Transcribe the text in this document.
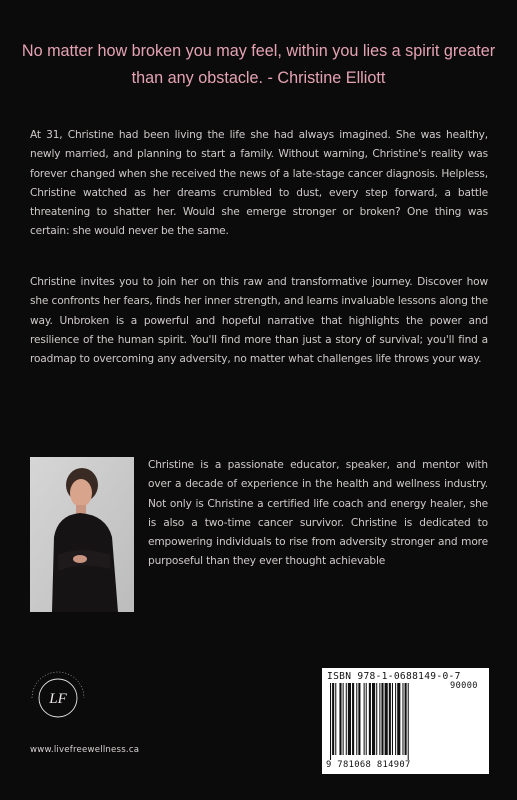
No matter how broken you may feel, within you lies a spirit greater than any obstacle. - Christine Elliott
At 31, Christine had been living the life she had always imagined. She was healthy, newly married, and planning to start a family. Without warning, Christine's reality was forever changed when she received the news of a late-stage cancer diagnosis. Helpless, Christine watched as her dreams crumbled to dust, every step forward, a battle threatening to shatter her. Would she emerge stronger or broken? One thing was certain: she would never be the same.
Christine invites you to join her on this raw and transformative journey. Discover how she confronts her fears, finds her inner strength, and learns invaluable lessons along the way. Unbroken is a powerful and hopeful narrative that highlights the power and resilience of the human spirit. You'll find more than just a story of survival; you'll find a roadmap to overcoming any adversity, no matter what challenges life throws your way.
Christine is a passionate educator, speaker, and mentor with over a decade of experience in the health and wellness industry. Not only is Christine a certified life coach and energy healer, she is also a two-time cancer survivor. Christine is dedicated to empowering individuals to rise from adversity stronger and more purposeful than they ever thought achievable
LF
www.livefreewellness.ca
ISBN 978-1-0688149-0-7
90000
9 781068 814907
